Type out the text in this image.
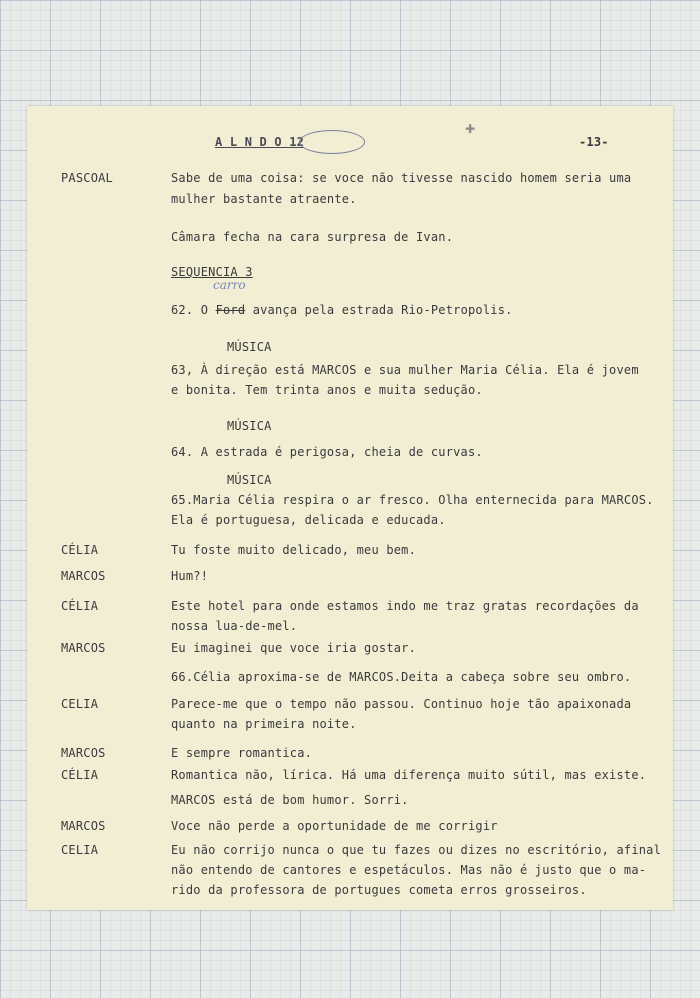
A L N D O 12
✚
-13-
PASCOAL	Sabe de uma coisa: se voce não tivesse nascido homem seria uma
mulher bastante atraente.
Câmara fecha na cara surpresa de Ivan.
SEQUENCIA 3
carro
62. O Ford avança pela estrada Rio-Petropolis.
MÚSICA
63, À direção está MARCOS e sua mulher Maria Célia. Ela é jovem
e bonita. Tem trinta anos e muita sedução.
MÚSICA
64. A estrada é perigosa, cheia de curvas.
MÚSICA
65.Maria Célia respira o ar fresco. Olha enternecida para MARCOS.
Ela é portuguesa, delicada e educada.
CÉLIA	Tu foste muito delicado, meu bem.
MARCOS	Hum?!
CÉLIA	Este hotel para onde estamos indo me traz gratas recordações da
nossa lua-de-mel.
MARCOS	Eu imaginei que voce iria gostar.
66.Célia aproxima-se de MARCOS.Deita a cabeça sobre seu ombro.
CELIA	Parece-me que o tempo não passou. Continuo hoje tão apaixonada
quanto na primeira noite.
MARCOS	E sempre romantica.
CÉLIA	Romantica não, lírica. Há uma diferença muito sútil, mas existe.
MARCOS está de bom humor. Sorri.
MARCOS	Voce não perde a oportunidade de me corrigir
CELIA	Eu não corrijo nunca o que tu fazes ou dizes no escritório, afinal
não entendo de cantores e espetáculos. Mas não é justo que o ma-
rido da professora de portugues cometa erros grosseiros.
